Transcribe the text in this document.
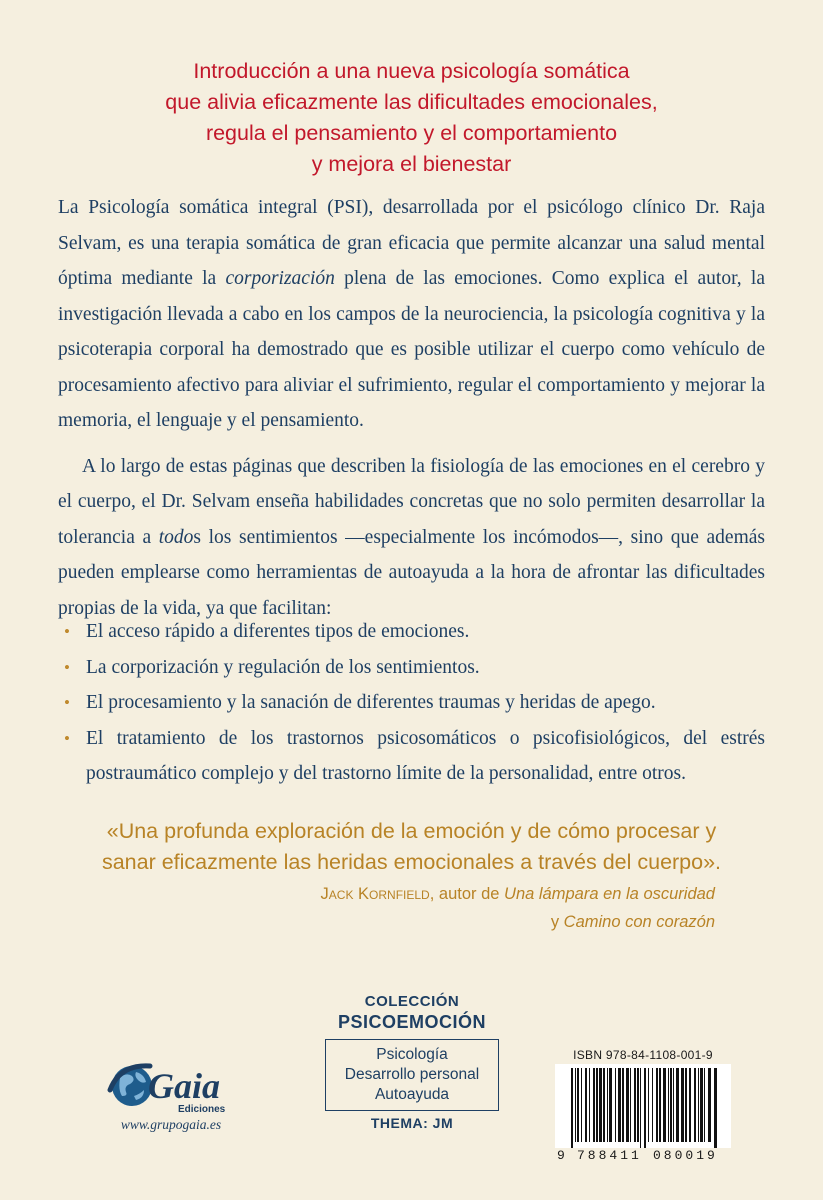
Introducción a una nueva psicología somática
que alivia eficazmente las dificultades emocionales,
regula el pensamiento y el comportamiento
y mejora el bienestar

La Psicología somática integral (PSI), desarrollada por el psicólogo clínico Dr. Raja Selvam, es una terapia somática de gran eficacia que permite alcanzar una salud mental óptima mediante la corporización plena de las emociones. Como explica el autor, la investigación llevada a cabo en los campos de la neurociencia, la psicología cognitiva y la psicoterapia corporal ha demostrado que es posible utilizar el cuerpo como vehículo de procesamiento afectivo para aliviar el sufrimiento, regular el comportamiento y mejorar la memoria, el lenguaje y el pensamiento.

A lo largo de estas páginas que describen la fisiología de las emociones en el cerebro y el cuerpo, el Dr. Selvam enseña habilidades concretas que no solo permiten desarrollar la tolerancia a todos los sentimientos —especialmente los incómodos—, sino que además pueden emplearse como herramientas de autoayuda a la hora de afrontar las dificultades propias de la vida, ya que facilitan:

• El acceso rápido a diferentes tipos de emociones.
• La corporización y regulación de los sentimientos.
• El procesamiento y la sanación de diferentes traumas y heridas de apego.
• El tratamiento de los trastornos psicosomáticos o psicofisiológicos, del estrés postraumático complejo y del trastorno límite de la personalidad, entre otros.
«Una profunda exploración de la emoción y de cómo procesar y
sanar eficazmente las heridas emocionales a través del cuerpo».
Jack Kornfield, autor de Una lámpara en la oscuridad
y Camino con corazón
COLECCIÓN
PSICOEMOCIÓN
Psicología
Desarrollo personal
Autoayuda
THEMA: JM
Gaia
Ediciones
www.grupogaia.es
ISBN 978-84-1108-001-9
9 788411 080019
